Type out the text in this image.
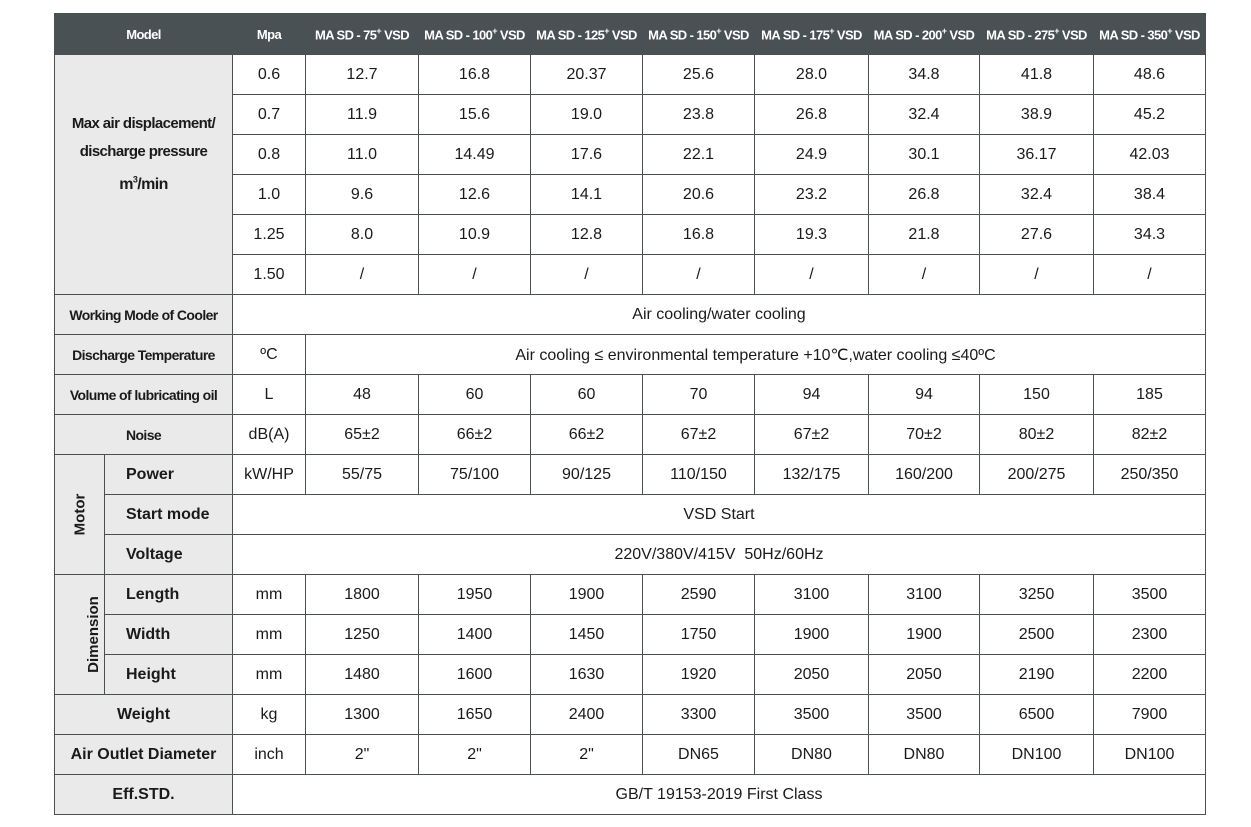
Model		Mpa	MA SD - 75+ VSD	MA SD - 100+ VSD	MA SD - 125+ VSD	MA SD - 150+ VSD	MA SD - 175+ VSD	MA SD - 200+ VSD	MA SD - 275+ VSD	MA SD - 350+ VSD
Max air displacement/
discharge pressure
$m^3/\min$		0.6	12.7	16.8	20.37	25.6	28.0	34.8	41.8	48.6
		0.7	11.9	15.6	19.0	23.8	26.8	32.4	38.9	45.2
		0.8	11.0	14.49	17.6	22.1	24.9	30.1	36.17	42.03
		1.0	9.6	12.6	14.1	20.6	23.2	26.8	32.4	38.4
		1.25	8.0	10.9	12.8	16.8	19.3	21.8	27.6	34.3
		1.50	/	/	/	/	/	/	/	/
Working Mode of Cooler		Air cooling/water cooling								
Discharge Temperature		ºC	Air cooling ≤ environmental temperature +10℃,water cooling ≤40ºC							
Volume of lubricating oil		L	48	60	60	70	94	94	150	185
Noise		dB(A)	65±2	66±2	66±2	67±2	67±2	70±2	80±2	82±2
Motor	Power	kW/HP	55/75	75/100	90/125	110/150	132/175	160/200	200/275	250/350
	Start mode	VSD Start								
	Voltage	220V/380V/415V  50Hz/60Hz								
Dimension	Length	mm	1800	1950	1900	2590	3100	3100	3250	3500
	Width	mm	1250	1400	1450	1750	1900	1900	2500	2300
	Height	mm	1480	1600	1630	1920	2050	2050	2190	2200
Weight		kg	1300	1650	2400	3300	3500	3500	6500	7900
Air Outlet Diameter		inch	2"	2"	2"	DN65	DN80	DN80	DN100	DN100
Eff.STD.		GB/T 19153-2019 First Class								
